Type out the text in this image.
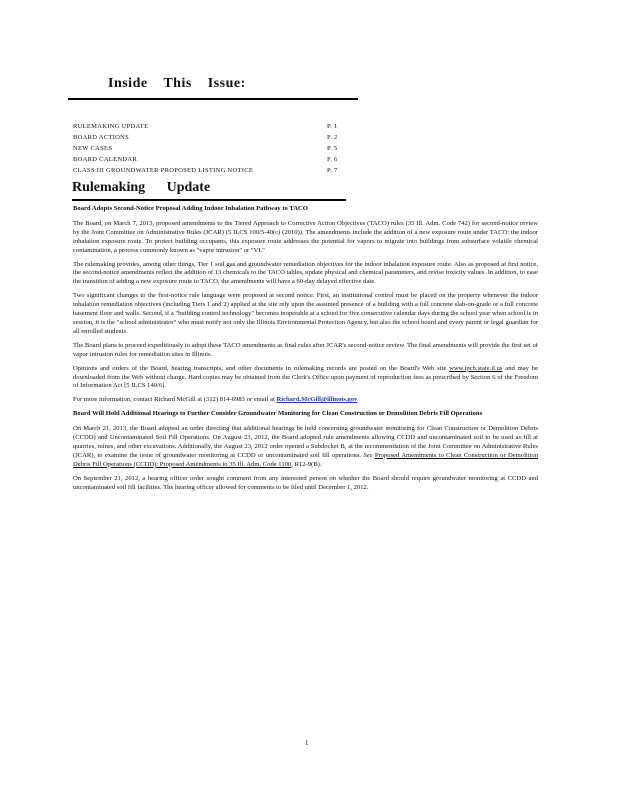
Inside This Issue:
RULEMAKING UPDATE	P. 1
BOARD ACTIONS	P. 2
NEW CASES	P. 5
BOARD CALENDAR	P. 6
CLASS III GROUNDWATER PROPOSED LISTING NOTICE	P. 7
Rulemaking Update
Board Adopts Second-Notice Proposal Adding Indoor Inhalation Pathway to TACO

The Board, on March 7, 2013, proposed amendments to the Tiered Approach to Corrective Action Objectives (TACO) rules (35 Ill. Adm. Code 742) for second-notice review by the Joint Committee on Administrative Rules (JCAR) (5 ILCS 100/5-40(c) (2010)). The amendments include the addition of a new exposure route under TACO: the indoor inhalation exposure route. To protect building occupants, this exposure route addresses the potential for vapors to migrate into buildings from subsurface volatile chemical contamination, a process commonly known as "vapor intrusion" or "VI."

The rulemaking provides, among other things, Tier 1 soil gas and groundwater remediation objectives for the indoor inhalation exposure route. Also as proposed at first notice, the second-notice amendments reflect the addition of 13 chemicals to the TACO tables, update physical and chemical parameters, and revise toxicity values. In addition, to ease the transition of adding a new exposure route to TACO, the amendments will have a 60-day delayed effective date.

Two significant changes to the first-notice rule language were proposed at second notice. First, an institutional control must be placed on the property whenever the indoor inhalation remediation objectives (including Tiers 1 and 2) applied at the site rely upon the assumed presence of a building with a full concrete slab-on-grade or a full concrete basement floor and walls. Second, if a "building control technology" becomes inoperable at a school for five consecutive calendar days during the school year when school is in session, it is the "school administrator" who must notify not only the Illinois Environmental Protection Agency, but also the school board and every parent or legal guardian for all enrolled students.

The Board plans to proceed expeditiously to adopt these TACO amendments as final rules after JCAR's second-notice review. The final amendments will provide the first set of vapor intrusion rules for remediation sites in Illinois.

Opinions and orders of the Board, hearing transcripts, and other documents in rulemaking records are posted on the Board's Web site www.ipcb.state.il.us and may be downloaded from the Web without charge. Hard copies may be obtained from the Clerk's Office upon payment of reproduction fees as prescribed by Section 6 of the Freedom of Information Act [5 ILCS 140/6].

For more information, contact Richard McGill at (312) 814-6983 or email at Richard.McGill@illinois.gov

Board Will Hold Additional Hearings to Further Consider Groundwater Monitoring for Clean Construction or Demolition Debris Fill Operations

On March 21, 2013, the Board adopted an order directing that additional hearings be held concerning groundwater monitoring for Clean Construction or Demolition Debris (CCDD) and Uncontaminated Soil Fill Operations. On August 23, 2012, the Board adopted rule amendments allowing CCDD and uncontaminated soil to be used as fill at quarries, mines, and other excavations. Additionally, the August 23, 2012 order opened a Subdocket B, at the recommendation of the Joint Committee on Administrative Rules (JCAR), to examine the issue of groundwater monitoring at CCDD or uncontaminated soil fill operations. See Proposed Amendments to Clean Construction or Demolition Debris Fill Operations (CCDD): Proposed Amendments to 35 Ill. Adm. Code 1100, R12-9(B).

On September 21, 2012, a hearing officer order sought comment from any interested person on whether the Board should require groundwater monitoring at CCDD and uncontaminated soil fill facilities. The hearing officer allowed for comments to be filed until December 1, 2012.

1
